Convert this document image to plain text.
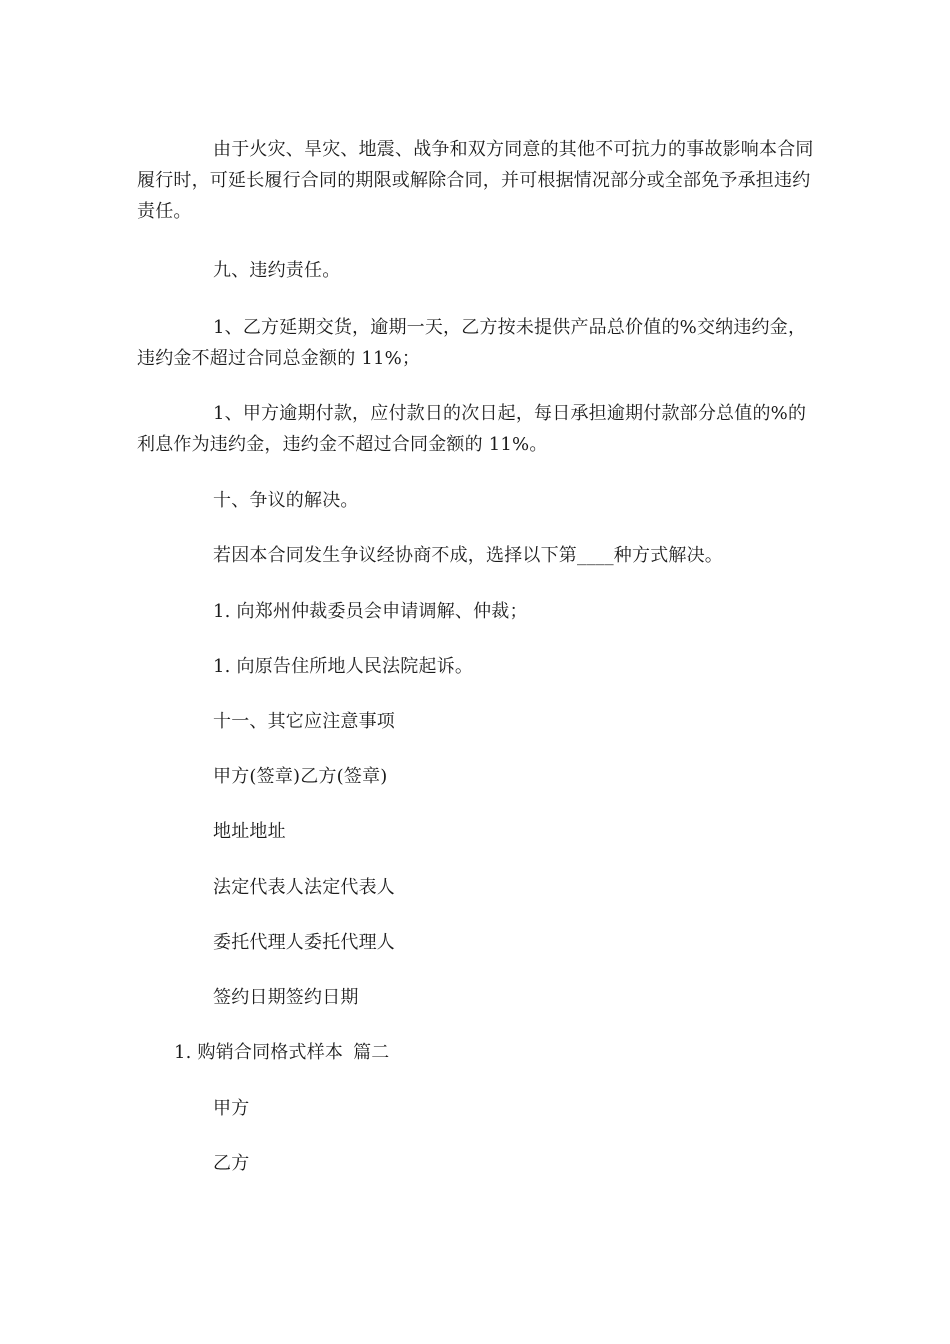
由于火灾、旱灾、地震、战争和双方同意的其他不可抗力的事故影响本合同履行时，可延长履行合同的期限或解除合同，并可根据情况部分或全部免予承担违约责任。

九、违约责任。

1、乙方延期交货，逾期一天，乙方按未提供产品总价值的%交纳违约金，违约金不超过合同总金额的 11%；

1、甲方逾期付款，应付款日的次日起，每日承担逾期付款部分总值的%的利息作为违约金，违约金不超过合同金额的 11%。

十、争议的解决。

若因本合同发生争议经协商不成，选择以下第____种方式解决。

1. 向郑州仲裁委员会申请调解、仲裁；

1. 向原告住所地人民法院起诉。

十一、其它应注意事项

甲方(签章)乙方(签章)

地址地址

法定代表人法定代表人

委托代理人委托代理人

签约日期签约日期

1. 购销合同格式样本 篇二

甲方

乙方
